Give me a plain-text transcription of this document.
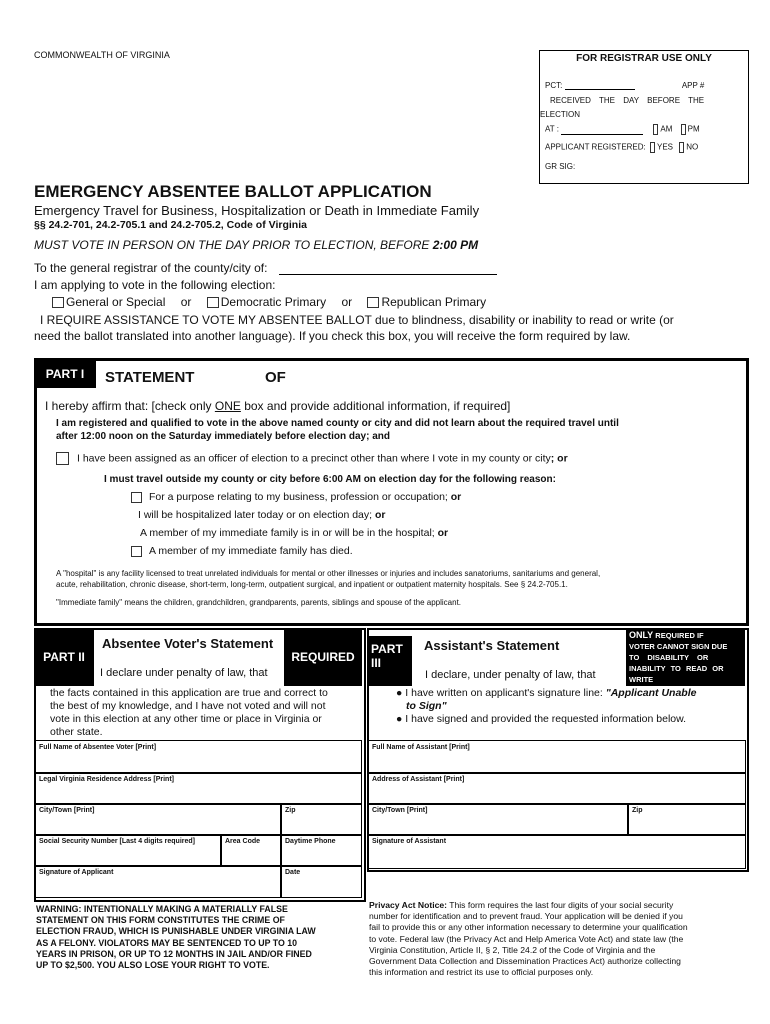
COMMONWEALTH OF VIRGINIA	FOR REGISTRAR USE ONLY
PCT:	APP #
RECEIVED THE DAY BEFORE THE
ELECTION
AT :	AM PM
APPLICANT REGISTERED: YES NO
GR SIG:
EMERGENCY ABSENTEE BALLOT APPLICATION
Emergency Travel for Business, Hospitalization or Death in Immediate Family
§§ 24.2-701, 24.2-705.1 and 24.2-705.2, Code of Virginia
MUST VOTE IN PERSON ON THE DAY PRIOR TO ELECTION, BEFORE 2:00 PM
To the general registrar of the county/city of:
I am applying to vote in the following election:
General or Special or Democratic Primary or Republican Primary
I REQUIRE ASSISTANCE TO VOTE MY ABSENTEE BALLOT due to blindness, disability or inability to read or write (or
need the ballot translated into another language). If you check this box, you will receive the form required by law.
PART I	STATEMENT	OF
I hereby affirm that: [check only ONE box and provide additional information, if required]
I am registered and qualified to vote in the above named county or city and did not learn about the required travel until
after 12:00 noon on the Saturday immediately before election day; and
I have been assigned as an officer of election to a precinct other than where I vote in my county or city; or
I must travel outside my county or city before 6:00 AM on election day for the following reason:
For a purpose relating to my business, profession or occupation; or
I will be hospitalized later today or on election day; or
A member of my immediate family is in or will be in the hospital; or
A member of my immediate family has died.
A "hospital" is any facility licensed to treat unrelated individuals for mental or other illnesses or injuries and includes sanatoriums, sanitariums and general,
acute, rehabilitation, chronic disease, short-term, long-term, outpatient surgical, and inpatient or outpatient maternity hospitals. See § 24.2-705.1.
"Immediate family" means the children, grandchildren, grandparents, parents, siblings and spouse of the applicant.
PART II
Absentee Voter's Statement
REQUIRED
I declare under penalty of law, that
the facts contained in this application are true and correct to
the best of my knowledge, and I have not voted and will not
vote in this election at any other time or place in Virginia or
other state.
Full Name of Absentee Voter [Print]
Legal Virginia Residence Address [Print]
City/Town [Print]	Zip
Social Security Number [Last 4 digits required]	Area Code	Daytime Phone
Signature of Applicant	Date
PART
III
Assistant's Statement
ONLY REQUIRED IF
VOTER CANNOT SIGN DUE
TO DISABILITY OR
INABILITY TO READ OR
WRITE
I declare, under penalty of law, that
● I have written on applicant's signature line: "Applicant Unable
to Sign"
● I have signed and provided the requested information below.
Full Name of Assistant [Print]
Address of Assistant [Print]
City/Town [Print]	Zip
Signature of Assistant
WARNING: INTENTIONALLY MAKING A MATERIALLY FALSE
STATEMENT ON THIS FORM CONSTITUTES THE CRIME OF
ELECTION FRAUD, WHICH IS PUNISHABLE UNDER VIRGINIA LAW
AS A FELONY. VIOLATORS MAY BE SENTENCED TO UP TO 10
YEARS IN PRISON, OR UP TO 12 MONTHS IN JAIL AND/OR FINED
UP TO $2,500. YOU ALSO LOSE YOUR RIGHT TO VOTE.
Privacy Act Notice: This form requires the last four digits of your social security
number for identification and to prevent fraud. Your application will be denied if you
fail to provide this or any other information necessary to determine your qualification
to vote. Federal law (the Privacy Act and Help America Vote Act) and state law (the
Virginia Constitution, Article II, § 2, Title 24.2 of the Code of Virginia and the
Government Data Collection and Dissemination Practices Act) authorize collecting
this information and restrict its use to official purposes only.
